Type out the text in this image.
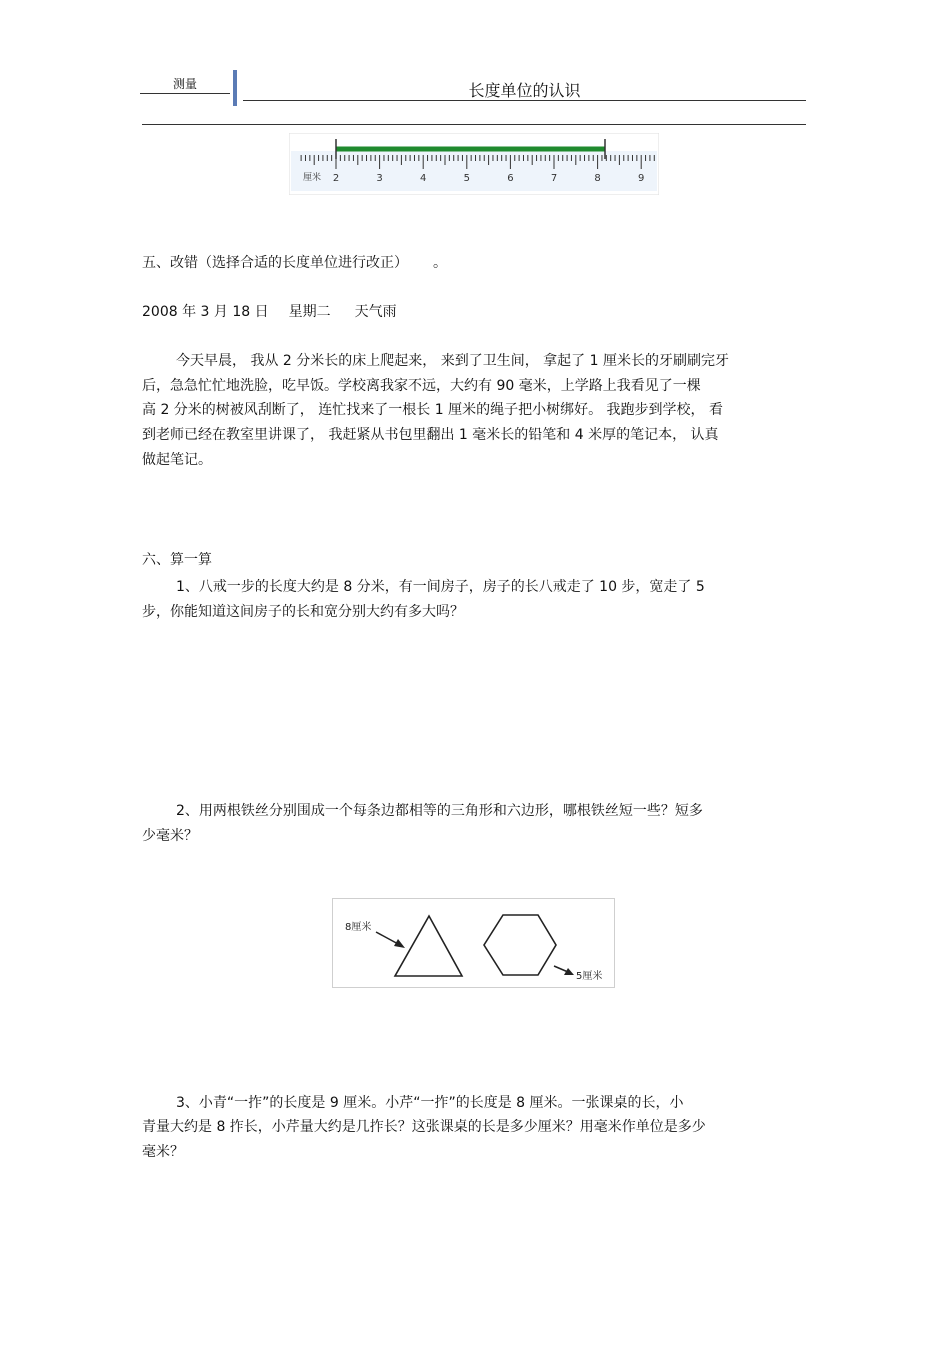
测量	长度单位的认识
厘米 2	3	4	5	6	7	8	9
五、改错（选择合适的长度单位进行改正） 。
2008 年 3 月 18 日 星期二 天气雨
今天早晨， 我从 2 分米长的床上爬起来， 来到了卫生间， 拿起了 1 厘米长的牙刷刷完牙
后，急急忙忙地洗脸，吃早饭。学校离我家不远，大约有 90 毫米，上学路上我看见了一棵
高 2 分米的树被风刮断了， 连忙找来了一根长 1 厘米的绳子把小树绑好。 我跑步到学校， 看
到老师已经在教室里讲课了， 我赶紧从书包里翻出 1 毫米长的铅笔和 4 米厚的笔记本， 认真
做起笔记。
六、算一算
1、八戒一步的长度大约是 8 分米，有一间房子，房子的长八戒走了 10 步，宽走了 5
步，你能知道这间房子的长和宽分别大约有多大吗？
2、用两根铁丝分别围成一个每条边都相等的三角形和六边形，哪根铁丝短一些？短多
少毫米？
8厘米
5厘米
3、小青“一拃”的长度是 9 厘米。小芹“一拃”的长度是 8 厘米。一张课桌的长，小
青量大约是 8 拃长，小芹量大约是几拃长？这张课桌的长是多少厘米？用毫米作单位是多少
毫米？
